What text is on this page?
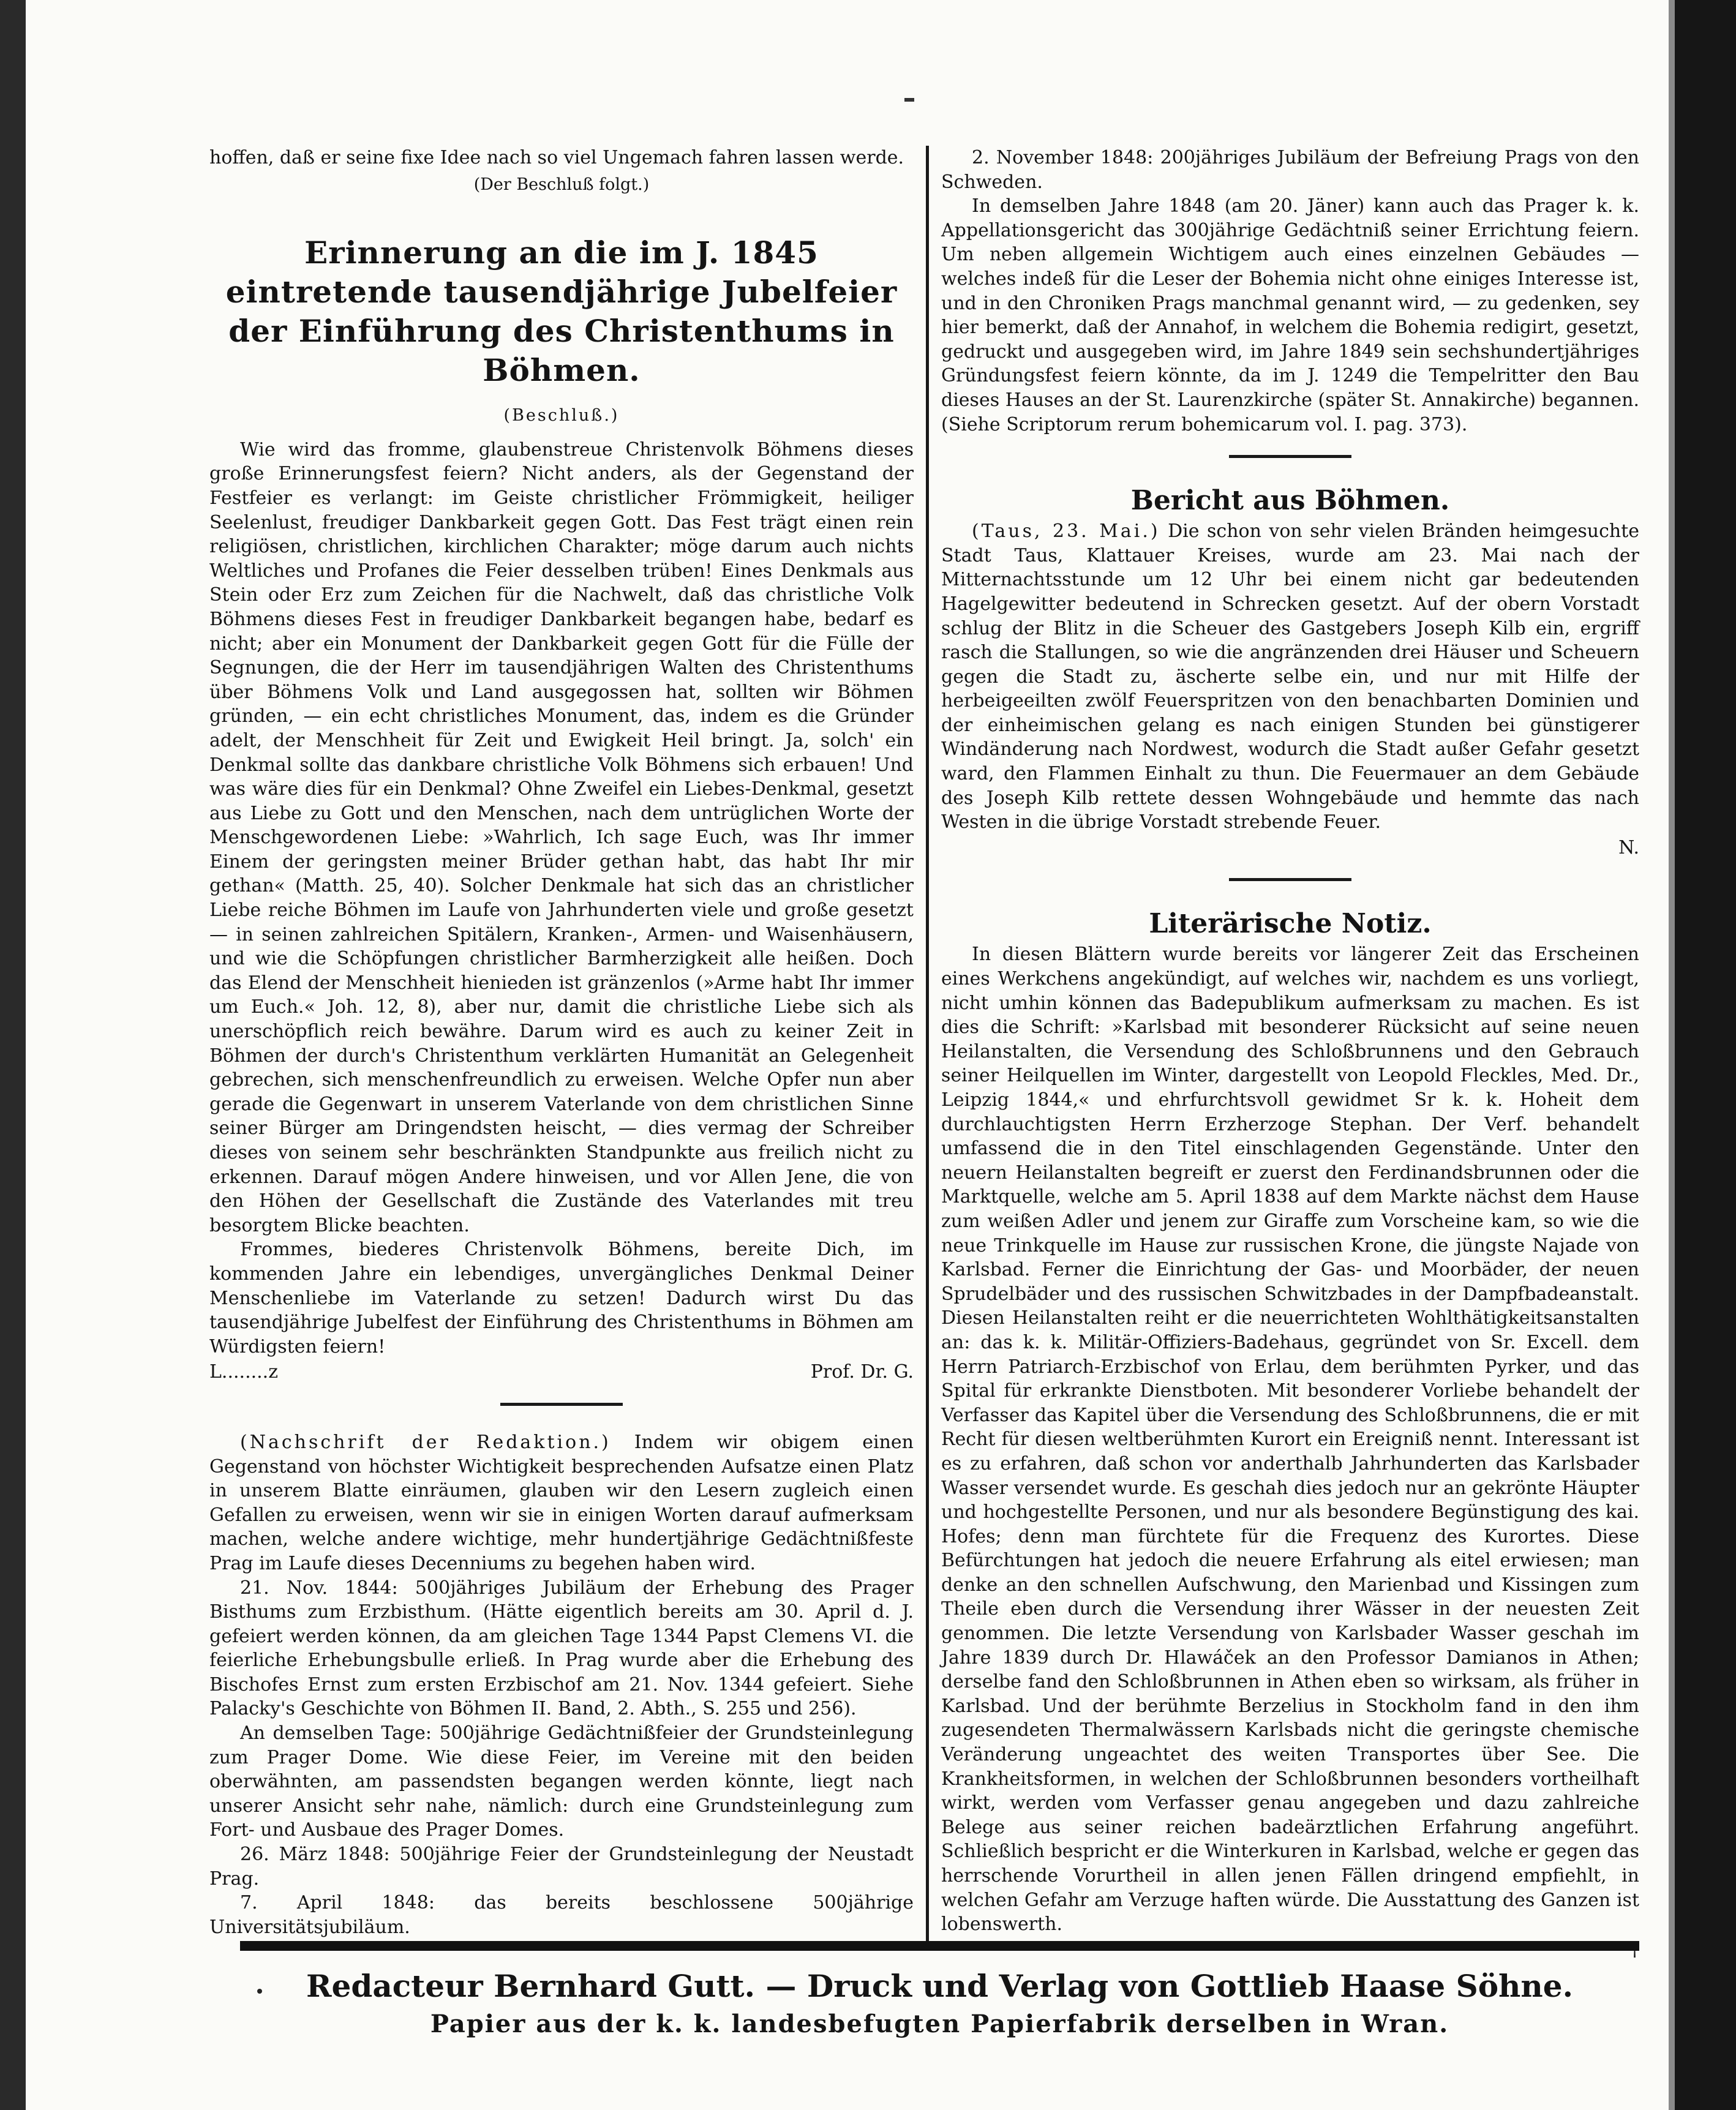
hoffen, daß er seine fixe Idee nach so viel Ungemach fahren lassen werde.

(Der Beschluß folgt.)
Erinnerung an die im J. 1845 eintretende tausendjährige Jubelfeier der Einführung des Christenthums in Böhmen.
(Beschluß.)

Wie wird das fromme, glaubenstreue Christenvolk Böhmens dieses große Erinnerungsfest feiern? Nicht anders, als der Gegenstand der Festfeier es verlangt: im Geiste christlicher Frömmigkeit, heiliger Seelenlust, freudiger Dankbarkeit gegen Gott. Das Fest trägt einen rein religiösen, christlichen, kirchlichen Charakter; möge darum auch nichts Weltliches und Profanes die Feier desselben trüben! Eines Denkmals aus Stein oder Erz zum Zeichen für die Nachwelt, daß das christliche Volk Böhmens dieses Fest in freudiger Dankbarkeit begangen habe, bedarf es nicht; aber ein Monument der Dankbarkeit gegen Gott für die Fülle der Segnungen, die der Herr im tausendjährigen Walten des Christenthums über Böhmens Volk und Land ausgegossen hat, sollten wir Böhmen gründen, — ein echt christliches Monument, das, indem es die Gründer adelt, der Menschheit für Zeit und Ewigkeit Heil bringt. Ja, solch' ein Denkmal sollte das dankbare christliche Volk Böhmens sich erbauen! Und was wäre dies für ein Denkmal? Ohne Zweifel ein Liebes-Denkmal, gesetzt aus Liebe zu Gott und den Menschen, nach dem untrüglichen Worte der Menschgewordenen Liebe: »Wahrlich, Ich sage Euch, was Ihr immer Einem der geringsten meiner Brüder gethan habt, das habt Ihr mir gethan« (Matth. 25, 40). Solcher Denkmale hat sich das an christlicher Liebe reiche Böhmen im Laufe von Jahrhunderten viele und große gesetzt — in seinen zahlreichen Spitälern, Kranken-, Armen- und Waisenhäusern, und wie die Schöpfungen christlicher Barmherzigkeit alle heißen. Doch das Elend der Menschheit hienieden ist gränzenlos (»Arme habt Ihr immer um Euch.« Joh. 12, 8), aber nur, damit die christliche Liebe sich als unerschöpflich reich bewähre. Darum wird es auch zu keiner Zeit in Böhmen der durch's Christenthum verklärten Humanität an Gelegenheit gebrechen, sich menschenfreundlich zu erweisen. Welche Opfer nun aber gerade die Gegenwart in unserem Vaterlande von dem christlichen Sinne seiner Bürger am Dringendsten heischt, — dies vermag der Schreiber dieses von seinem sehr beschränkten Standpunkte aus freilich nicht zu erkennen. Darauf mögen Andere hinweisen, und vor Allen Jene, die von den Höhen der Gesellschaft die Zustände des Vaterlandes mit treu besorgtem Blicke beachten.

Frommes, biederes Christenvolk Böhmens, bereite Dich, im kommenden Jahre ein lebendiges, unvergängliches Denkmal Deiner Menschenliebe im Vaterlande zu setzen! Dadurch wirst Du das tausendjährige Jubelfest der Einführung des Christenthums in Böhmen am Würdigsten feiern!

L........z	Prof. Dr. G.

(Nachschrift der Redaktion.) Indem wir obigem einen Gegenstand von höchster Wichtigkeit besprechenden Aufsatze einen Platz in unserem Blatte einräumen, glauben wir den Lesern zugleich einen Gefallen zu erweisen, wenn wir sie in einigen Worten darauf aufmerksam machen, welche andere wichtige, mehr hundertjährige Gedächtnißfeste Prag im Laufe dieses Decenniums zu begehen haben wird.

21. Nov. 1844: 500jähriges Jubiläum der Erhebung des Prager Bisthums zum Erzbisthum. (Hätte eigentlich bereits am 30. April d. J. gefeiert werden können, da am gleichen Tage 1344 Papst Clemens VI. die feierliche Erhebungsbulle erließ. In Prag wurde aber die Erhebung des Bischofes Ernst zum ersten Erzbischof am 21. Nov. 1344 gefeiert. Siehe Palacky's Geschichte von Böhmen II. Band, 2. Abth., S. 255 und 256).

An demselben Tage: 500jährige Gedächtnißfeier der Grundsteinlegung zum Prager Dome. Wie diese Feier, im Vereine mit den beiden oberwähnten, am passendsten begangen werden könnte, liegt nach unserer Ansicht sehr nahe, nämlich: durch eine Grundsteinlegung zum Fort- und Ausbaue des Prager Domes.

26. März 1848: 500jährige Feier der Grundsteinlegung der Neustadt Prag.

7. April 1848: das bereits beschlossene 500jährige Universitätsjubiläum.

2. November 1848: 200jähriges Jubiläum der Befreiung Prags von den Schweden.

In demselben Jahre 1848 (am 20. Jäner) kann auch das Prager k. k. Appellationsgericht das 300jährige Gedächtniß seiner Errichtung feiern. Um neben allgemein Wichtigem auch eines einzelnen Gebäudes — welches indeß für die Leser der Bohemia nicht ohne einiges Interesse ist, und in den Chroniken Prags manchmal genannt wird, — zu gedenken, sey hier bemerkt, daß der Annahof, in welchem die Bohemia redigirt, gesetzt, gedruckt und ausgegeben wird, im Jahre 1849 sein sechshundertjähriges Gründungsfest feiern könnte, da im J. 1249 die Tempelritter den Bau dieses Hauses an der St. Laurenzkirche (später St. Annakirche) begannen. (Siehe Scriptorum rerum bohemicarum vol. I. pag. 373).

Bericht aus Böhmen.

(Taus, 23. Mai.) Die schon von sehr vielen Bränden heimgesuchte Stadt Taus, Klattauer Kreises, wurde am 23. Mai nach der Mitternachtsstunde um 12 Uhr bei einem nicht gar bedeutenden Hagelgewitter bedeutend in Schrecken gesetzt. Auf der obern Vorstadt schlug der Blitz in die Scheuer des Gastgebers Joseph Kilb ein, ergriff rasch die Stallungen, so wie die angränzenden drei Häuser und Scheuern gegen die Stadt zu, äscherte selbe ein, und nur mit Hilfe der herbeigeeilten zwölf Feuerspritzen von den benachbarten Dominien und der einheimischen gelang es nach einigen Stunden bei günstigerer Windänderung nach Nordwest, wodurch die Stadt außer Gefahr gesetzt ward, den Flammen Einhalt zu thun. Die Feuermauer an dem Gebäude des Joseph Kilb rettete dessen Wohngebäude und hemmte das nach Westen in die übrige Vorstadt strebende Feuer.

N.
Literärische Notiz.

In diesen Blättern wurde bereits vor längerer Zeit das Erscheinen eines Werkchens angekündigt, auf welches wir, nachdem es uns vorliegt, nicht umhin können das Badepublikum aufmerksam zu machen. Es ist dies die Schrift: »Karlsbad mit besonderer Rücksicht auf seine neuen Heilanstalten, die Versendung des Schloßbrunnens und den Gebrauch seiner Heilquellen im Winter, dargestellt von Leopold Fleckles, Med. Dr., Leipzig 1844,« und ehrfurchtsvoll gewidmet Sr k. k. Hoheit dem durchlauchtigsten Herrn Erzherzoge Stephan. Der Verf. behandelt umfassend die in den Titel einschlagenden Gegenstände. Unter den neuern Heilanstalten begreift er zuerst den Ferdinandsbrunnen oder die Marktquelle, welche am 5. April 1838 auf dem Markte nächst dem Hause zum weißen Adler und jenem zur Giraffe zum Vorscheine kam, so wie die neue Trinkquelle im Hause zur russischen Krone, die jüngste Najade von Karlsbad. Ferner die Einrichtung der Gas- und Moorbäder, der neuen Sprudelbäder und des russischen Schwitzbades in der Dampfbadeanstalt. Diesen Heilanstalten reiht er die neuerrichteten Wohlthätigkeitsanstalten an: das k. k. Militär-Offiziers-Badehaus, gegründet von Sr. Excell. dem Herrn Patriarch-Erzbischof von Erlau, dem berühmten Pyrker, und das Spital für erkrankte Dienstboten. Mit besonderer Vorliebe behandelt der Verfasser das Kapitel über die Versendung des Schloßbrunnens, die er mit Recht für diesen weltberühmten Kurort ein Ereigniß nennt. Interessant ist es zu erfahren, daß schon vor anderthalb Jahrhunderten das Karlsbader Wasser versendet wurde. Es geschah dies jedoch nur an gekrönte Häupter und hochgestellte Personen, und nur als besondere Begünstigung des kai. Hofes; denn man fürchtete für die Frequenz des Kurortes. Diese Befürchtungen hat jedoch die neuere Erfahrung als eitel erwiesen; man denke an den schnellen Aufschwung, den Marienbad und Kissingen zum Theile eben durch die Versendung ihrer Wässer in der neuesten Zeit genommen. Die letzte Versendung von Karlsbader Wasser geschah im Jahre 1839 durch Dr. Hlawáček an den Professor Damianos in Athen; derselbe fand den Schloßbrunnen in Athen eben so wirksam, als früher in Karlsbad. Und der berühmte Berzelius in Stockholm fand in den ihm zugesendeten Thermalwässern Karlsbads nicht die geringste chemische Veränderung ungeachtet des weiten Transportes über See. Die Krankheitsformen, in welchen der Schloßbrunnen besonders vortheilhaft wirkt, werden vom Verfasser genau angegeben und dazu zahlreiche Belege aus seiner reichen badeärztlichen Erfahrung angeführt. Schließlich bespricht er die Winterkuren in Karlsbad, welche er gegen das herrschende Vorurtheil in allen jenen Fällen dringend empfiehlt, in welchen Gefahr am Verzuge haften würde. Die Ausstattung des Ganzen ist lobenswerth.

Redacteur Bernhard Gutt. — Druck und Verlag von Gottlieb Haase Söhne.
Papier aus der k. k. landesbefugten Papierfabrik derselben in Wran.
